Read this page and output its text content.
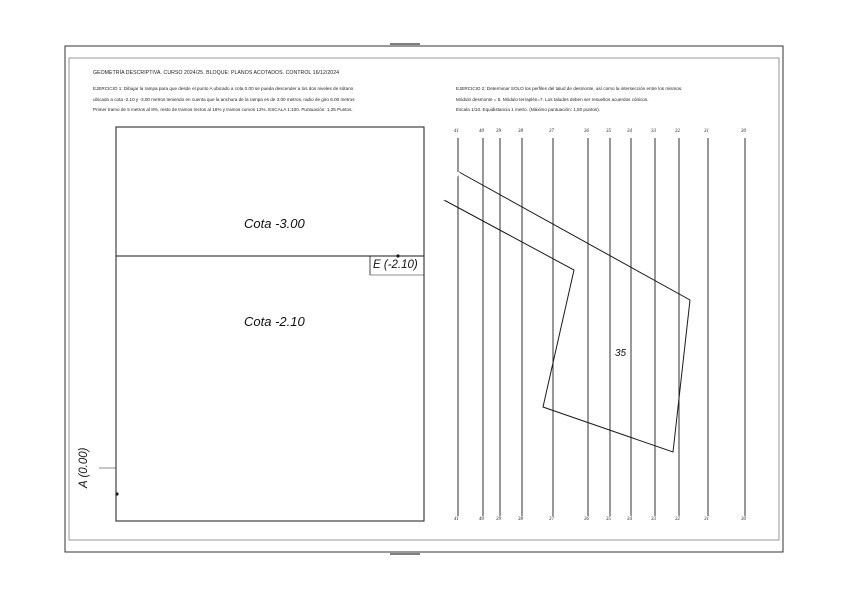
GEOMETRÍA DESCRIPTIVA. CURSO 2024/25. BLOQUE: PLANOS ACOTADOS. CONTROL 16/12/2024
EJERCICIO 1: Dibujar la rampa para que desde el punto A ubicado a cota 0.00 se pueda descender a los dos niveles de sótano
ubicado a cota -2.10 y -3.00 metros teniendo en cuenta que la anchura de la rampa es de 3.00 metros, radio de giro 6.00 metros
Primer tramo de 5 metros al 8%, resto de tramos rectos al 16% y tramos curvos 12%. ESCALA 1:100. Puntuación: 1,25 Puntos.
EJERCICIO 2: Determinar SOLO los perfiles del talud de desmonte, así como la intersección entre los mismos.
Módulo desmonte = 5. Módulo terraplén=7. Los taludes deben ser resueltos acuerdos cónicos.
Escala 1/10. Equidistancia 1 metro. (Máximo puntuación: 1,50 puntos).
Cota -3.00
Cota -2.10
E (-2.10)
A (0.00)
41	40 39	38	37	36	35	34	33	32	31	30
41	40 39	38	37	36	35	34	33	32	31	30
35
